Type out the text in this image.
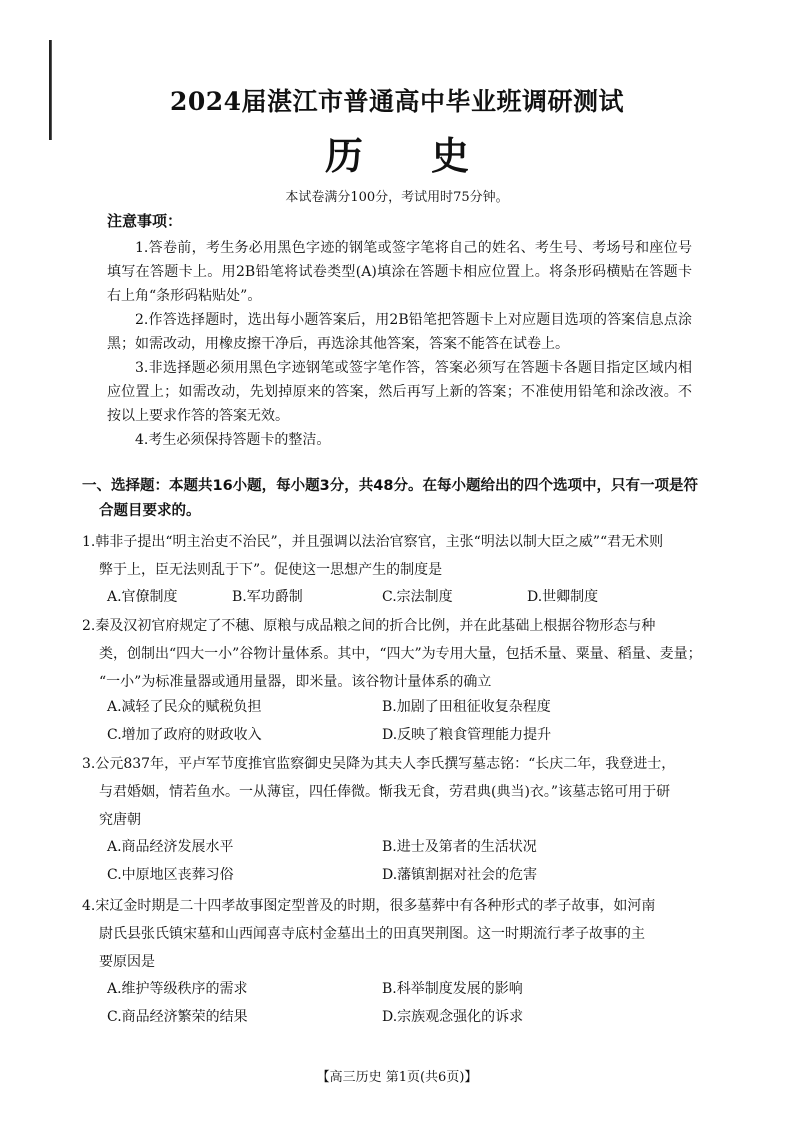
2024届湛江市普通高中毕业班调研测试
历 史
本试卷满分100分，考试用时75分钟。
注意事项：
1.答卷前，考生务必用黑色字迹的钢笔或签字笔将自己的姓名、考生号、考场号和座位号填写在答题卡上。用2B铅笔将试卷类型(A)填涂在答题卡相应位置上。将条形码横贴在答题卡右上角“条形码粘贴处”。
2.作答选择题时，选出每小题答案后，用2B铅笔把答题卡上对应题目选项的答案信息点涂黑；如需改动，用橡皮擦干净后，再选涂其他答案，答案不能答在试卷上。
3.非选择题必须用黑色字迹钢笔或签字笔作答，答案必须写在答题卡各题目指定区域内相应位置上；如需改动，先划掉原来的答案，然后再写上新的答案；不准使用铅笔和涂改液。不按以上要求作答的答案无效。
4.考生必须保持答题卡的整洁。
一、选择题：本题共16小题，每小题3分，共48分。在每小题给出的四个选项中，只有一项是符
合题目要求的。
1.韩非子提出“明主治吏不治民”，并且强调以法治官察官，主张“明法以制大臣之威”“君无术则
弊于上，臣无法则乱于下”。促使这一思想产生的制度是
A.官僚制度	B.军功爵制	C.宗法制度	D.世卿制度
2.秦及汉初官府规定了不穗、原粮与成品粮之间的折合比例，并在此基础上根据谷物形态与种
类，创制出“四大一小”谷物计量体系。其中，“四大”为专用大量，包括禾量、粟量、稻量、麦量；
“一小”为标准量器或通用量器，即米量。该谷物计量体系的确立
A.减轻了民众的赋税负担	B.加剧了田租征收复杂程度
C.增加了政府的财政收入	D.反映了粮食管理能力提升
3.公元837年，平卢军节度推官监察御史吴降为其夫人李氏撰写墓志铭：“长庆二年，我登进士，
与君婚姻，情若鱼水。一从薄宦，四任俸微。惭我无食，劳君典(典当)衣。”该墓志铭可用于研
究唐朝
A.商品经济发展水平	B.进士及第者的生活状况
C.中原地区丧葬习俗	D.藩镇割据对社会的危害
4.宋辽金时期是二十四孝故事图定型普及的时期，很多墓葬中有各种形式的孝子故事，如河南
尉氏县张氏镇宋墓和山西闻喜寺底村金墓出土的田真哭荆图。这一时期流行孝子故事的主
要原因是
A.维护等级秩序的需求	B.科举制度发展的影响
C.商品经济繁荣的结果	D.宗族观念强化的诉求
【高三历史 第1页(共6页)】
